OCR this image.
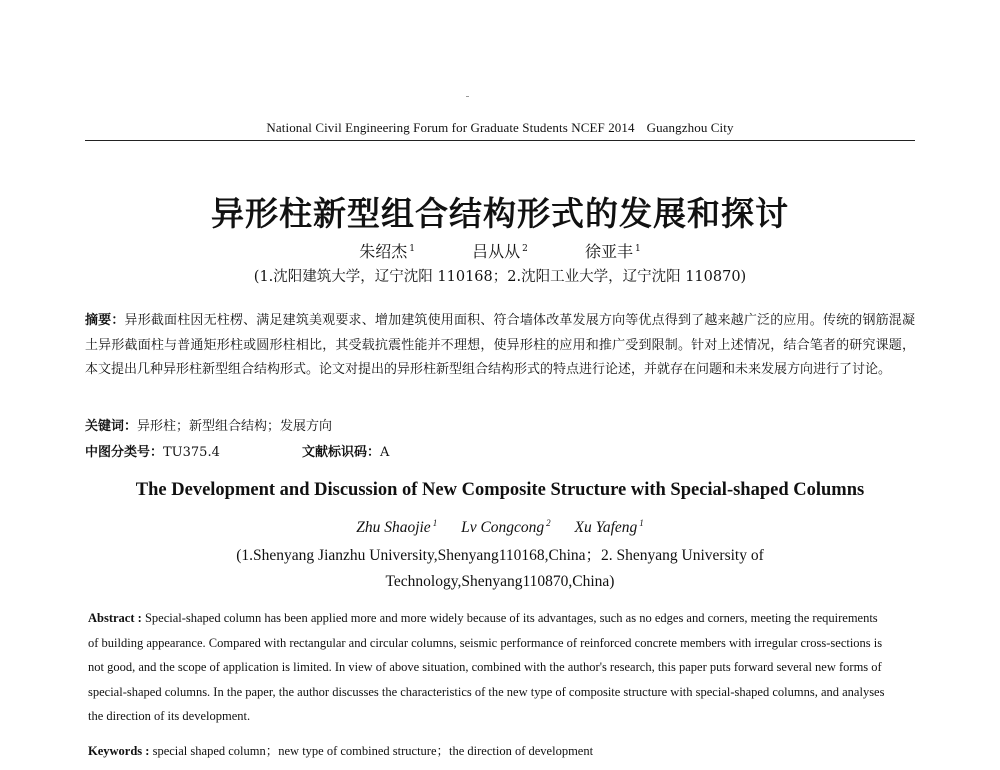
National Civil Engineering Forum for Graduate Students NCEF 2014 Guangzhou City
异形柱新型组合结构形式的发展和探讨
朱绍杰 $^1$	吕从从 $^2$	徐亚丰 $^1$
(1.沈阳建筑大学，辽宁沈阳 110168；2.沈阳工业大学，辽宁沈阳 110870)
摘要：异形截面柱因无柱楞、满足建筑美观要求、增加建筑使用面积、符合墙体改革发展方向等优点得到了越来越广泛的应用。传统的钢筋混凝土异形截面柱与普通矩形柱或圆形柱相比，其受载抗震性能并不理想，使异形柱的应用和推广受到限制。针对上述情况，结合笔者的研究课题，本文提出几种异形柱新型组合结构形式。论文对提出的异形柱新型组合结构形式的特点进行论述，并就存在问题和未来发展方向进行了讨论。
关键词：异形柱；新型组合结构；发展方向
中图分类号：TU375.4	文献标识码：A
The Development and Discussion of New Composite Structure with Special-shaped Columns
Zhu Shaojie $^1$ Lv Congcong $^2$ Xu Yafeng $^1$
(1.Shenyang Jianzhu University,Shenyang110168,China；2. Shenyang University of
Technology,Shenyang110870,China)
Abstract : Special-shaped column has been applied more and more widely because of its advantages, such as no edges and corners, meeting the requirements of building appearance. Compared with rectangular and circular columns, seismic performance of reinforced concrete members with irregular cross-sections is not good, and the scope of application is limited. In view of above situation, combined with the author's research, this paper puts forward several new forms of special-shaped columns. In the paper, the author discusses the characteristics of the new type of composite structure with special-shaped columns, and analyses the direction of its development.
Keywords : special shaped column；new type of combined structure；the direction of development
